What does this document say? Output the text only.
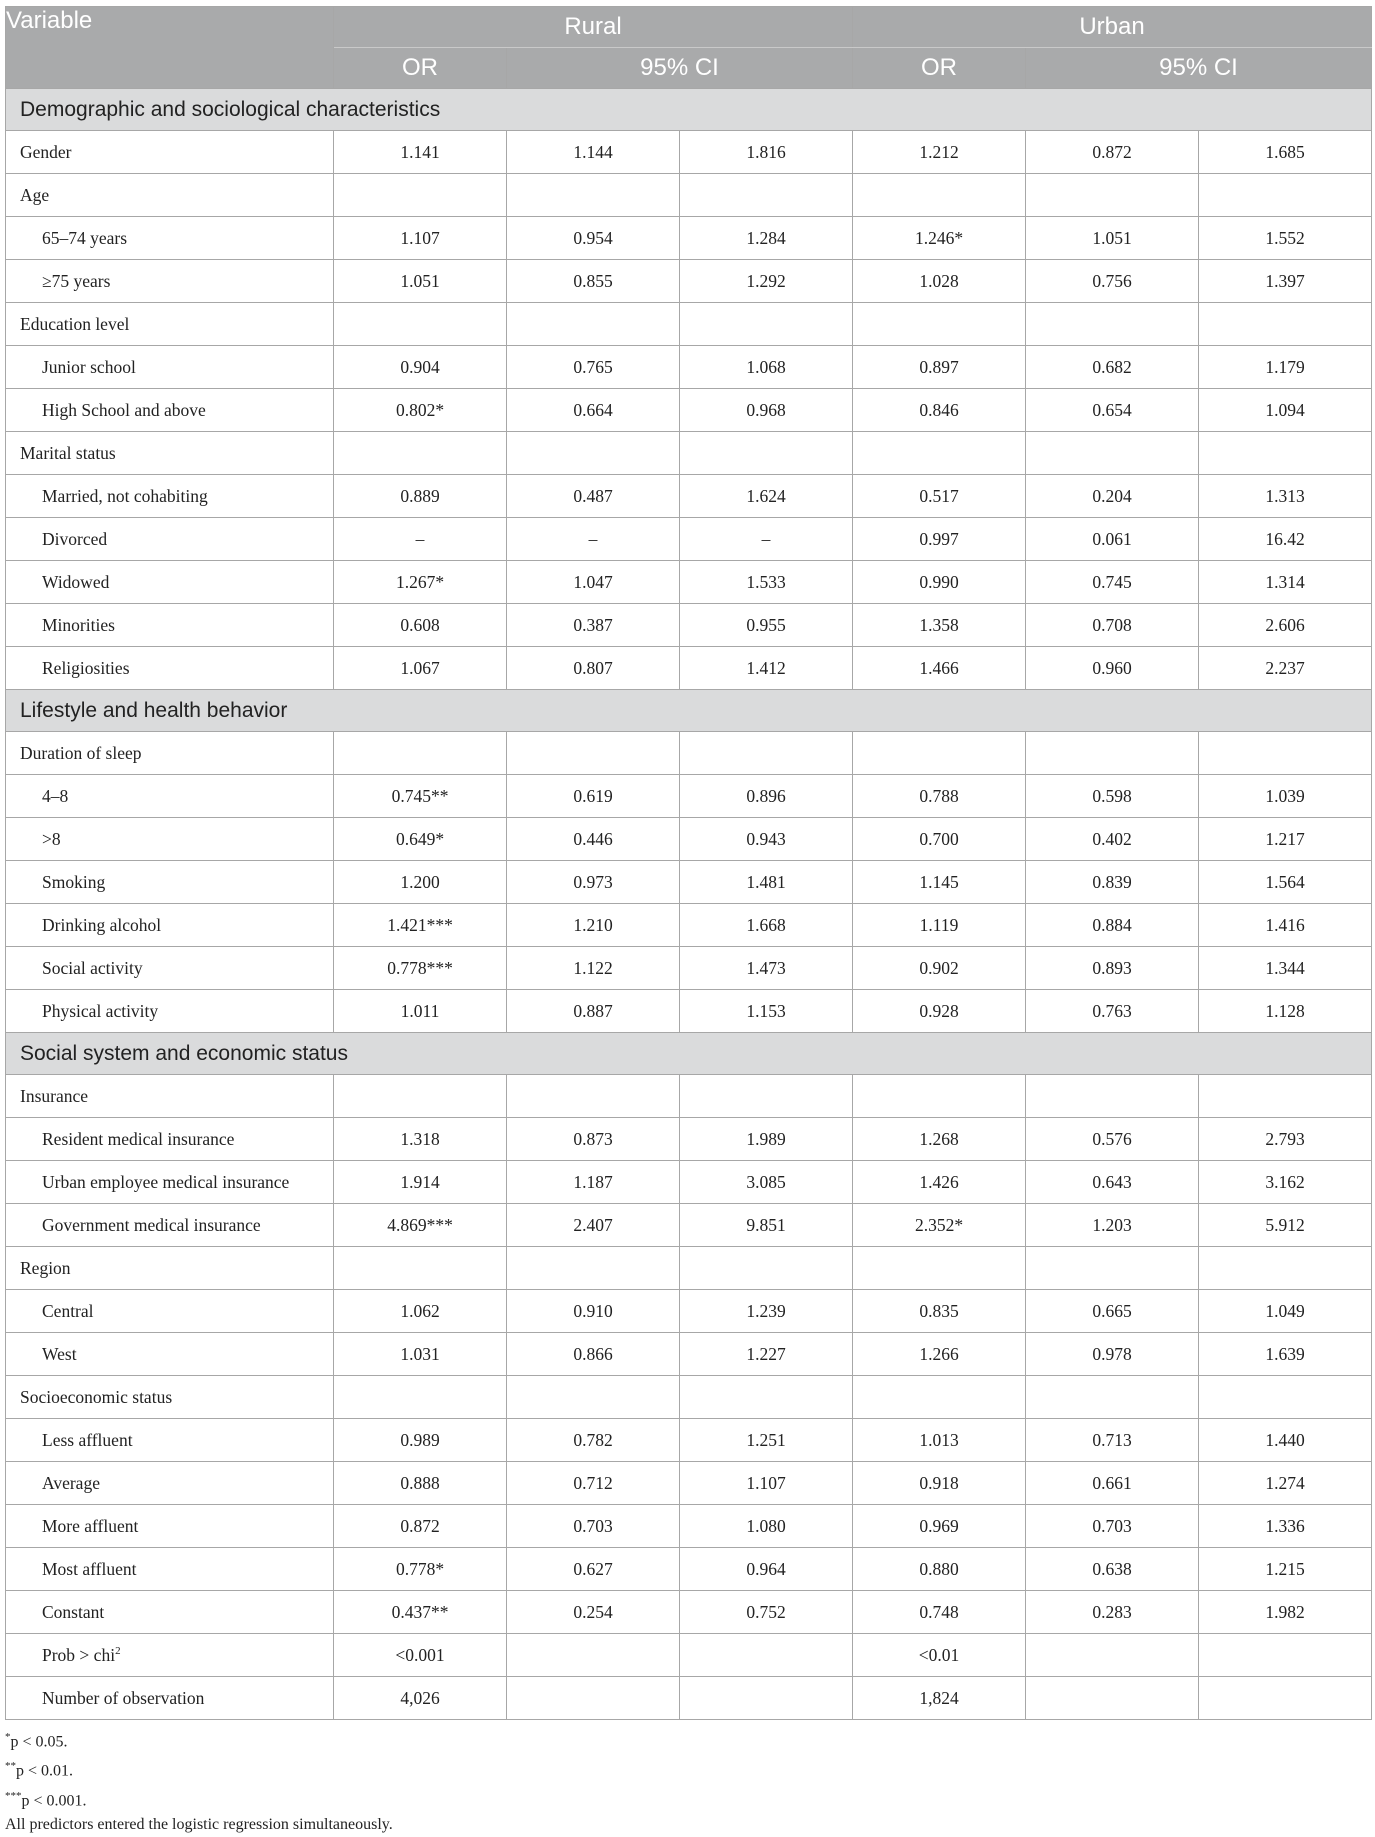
Variable	Rural			Urban		
	OR	95% CI		OR	95% CI	
Demographic and sociological characteristics						
Gender	1.141	1.144	1.816	1.212	0.872	1.685
Age						
65–74 years	1.107	0.954	1.284	1.246*	1.051	1.552
≥75 years	1.051	0.855	1.292	1.028	0.756	1.397
Education level						
Junior school	0.904	0.765	1.068	0.897	0.682	1.179
High School and above	0.802*	0.664	0.968	0.846	0.654	1.094
Marital status						
Married, not cohabiting	0.889	0.487	1.624	0.517	0.204	1.313
Divorced	–	–	–	0.997	0.061	16.42
Widowed	1.267*	1.047	1.533	0.990	0.745	1.314
Minorities	0.608	0.387	0.955	1.358	0.708	2.606
Religiosities	1.067	0.807	1.412	1.466	0.960	2.237
Lifestyle and health behavior						
Duration of sleep						
4–8	0.745**	0.619	0.896	0.788	0.598	1.039
>8	0.649*	0.446	0.943	0.700	0.402	1.217
Smoking	1.200	0.973	1.481	1.145	0.839	1.564
Drinking alcohol	1.421***	1.210	1.668	1.119	0.884	1.416
Social activity	0.778***	1.122	1.473	0.902	0.893	1.344
Physical activity	1.011	0.887	1.153	0.928	0.763	1.128
Social system and economic status						
Insurance						
Resident medical insurance	1.318	0.873	1.989	1.268	0.576	2.793
Urban employee medical insurance	1.914	1.187	3.085	1.426	0.643	3.162
Government medical insurance	4.869***	2.407	9.851	2.352*	1.203	5.912
Region						
Central	1.062	0.910	1.239	0.835	0.665	1.049
West	1.031	0.866	1.227	1.266	0.978	1.639
Socioeconomic status						
Less affluent	0.989	0.782	1.251	1.013	0.713	1.440
Average	0.888	0.712	1.107	0.918	0.661	1.274
More affluent	0.872	0.703	1.080	0.969	0.703	1.336
Most affluent	0.778*	0.627	0.964	0.880	0.638	1.215
Constant	0.437**	0.254	0.752	0.748	0.283	1.982
Prob > chi$^2$	<0.001			<0.01		
Number of observation	4,026			1,824		
*p < 0.05.
**p < 0.01.
***p < 0.001.
All predictors entered the logistic regression simultaneously.
